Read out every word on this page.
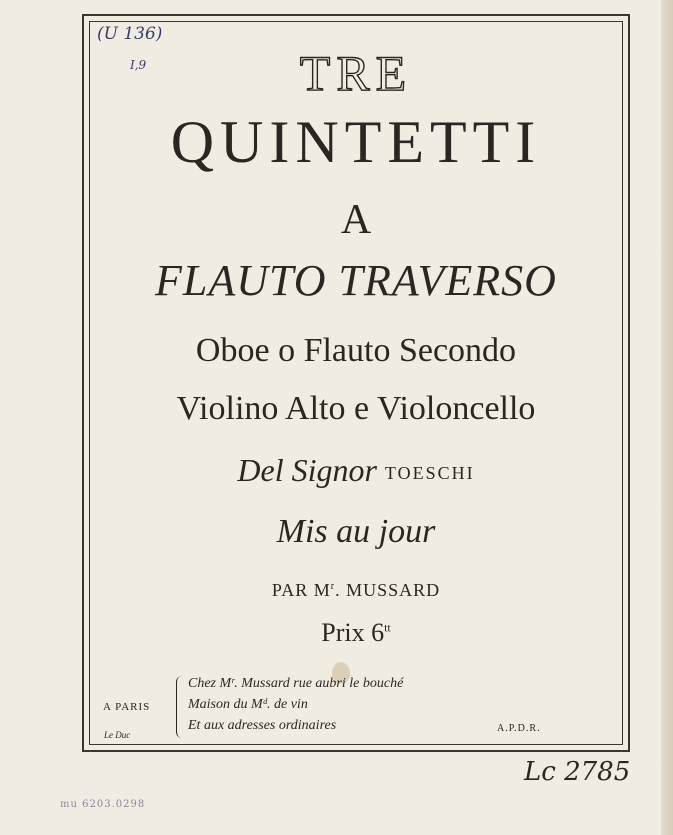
(U 136)
I,9	TRE
QUINTETTI
A
FLAUTO TRAVERSO
Oboe o Flauto Secondo
Violino Alto e Violoncello
Del Signor TOESCHI
Mis au jour
PAR $M^r$. MUSSARD
Prix $6^{tt}$
A PARIS
Chez Mʳ. Mussard rue aubri le bouché
Maison du Mᵈ. de vin
Et aux adresses ordinaires	A.P.D.R.
Le Duc
Lc 2785
mu 6203.0298
